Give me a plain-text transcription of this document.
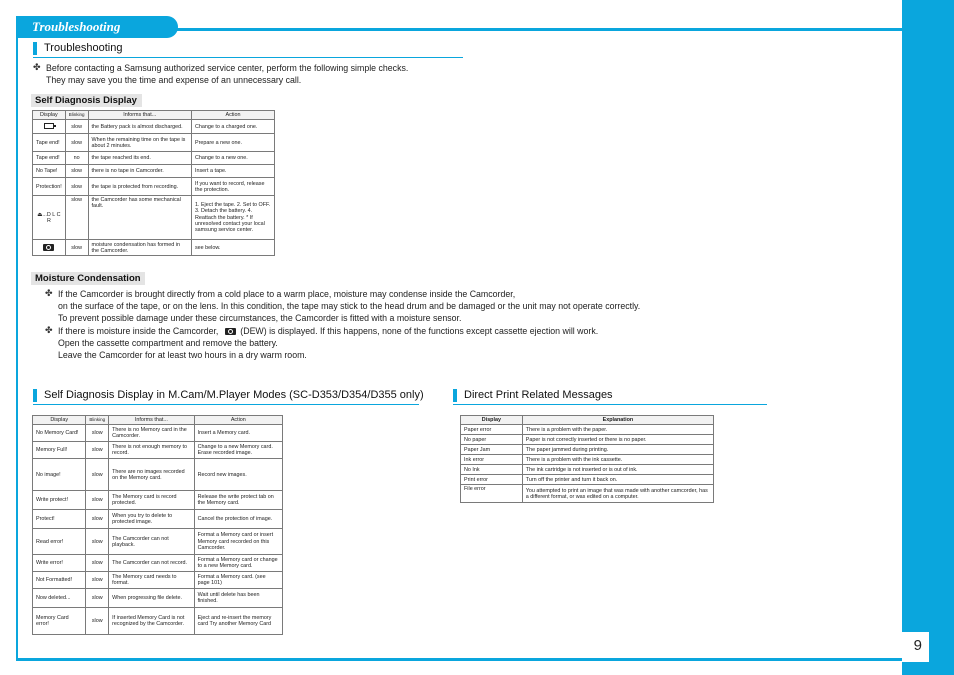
9
Troubleshooting
Troubleshooting
✤ Before contacting a Samsung authorized service center, perform the following simple checks.
They may save you the time and expense of an unnecessary call.
Self Diagnosis Display
Display	Blinking	Informs that...	Action
	slow	the Battery pack is almost discharged.	Change to a charged one.
Tape end!	slow	When the remaining time on the tape is about 2 minutes.	Prepare a new one.
Tape end!	no	the tape reached its end.	Change to a new one.
No Tape!	slow	there is no tape in Camcorder.	Insert a tape.
Protection!	slow	the tape is protected from recording.	If you want to record, release the protection.
⏏...D L C R	slow	the Camcorder has some mechanical fault.	1. Eject the tape. 2. Set to OFF. 3. Detach the battery. 4. Reattach the battery. * If unresolved contact your local samsung service center.
	slow	moisture condensation has formed in the Camcorder.	see below.
Moisture Condensation
✤ If the Camcorder is brought directly from a cold place to a warm place, moisture may condense inside the Camcorder,
on the surface of the tape, or on the lens. In this condition, the tape may stick to the head drum and be damaged or the unit may not operate correctly.
To prevent possible damage under these circumstances, the Camcorder is fitted with a moisture sensor.
✤ If there is moisture inside the Camcorder, (DEW) is displayed. If this happens, none of the functions except cassette ejection will work.
Open the cassette compartment and remove the battery.
Leave the Camcorder for at least two hours in a dry warm room.
Self Diagnosis Display in M.Cam/M.Player Modes (SC-D353/D354/D355 only)
Display	Blinking	Informs that...	Action
No Memory Card!	slow	There is no Memory card in the Camcorder.	Insert a Memory card.
Memory Full!	slow	There is not enough memory to record.	Change to a new Memory card. Erase recorded image.
No image!	slow	There are no images recorded on the Memory card.	Record new images.
Write protect!	slow	The Memory card is record protected.	Release the write protect tab on the Memory card.
Protect!	slow	When you try to delete to protected image.	Cancel the protection of image.
Read error!	slow	The Camcorder can not playback.	Format a Memory card or insert Memory card recorded on this Camcorder.
Write error!	slow	The Camcorder can not record.	Format a Memory card or change to a new Memory card.
Not Formatted!	slow	The Memory card needs to format.	Format a Memory card. (see page 101)
Now deleted...	slow	When progressing file delete.	Wait until delete has been finished.
Memory Card error!	slow	If inserted Memory Card is not recognized by the Camcorder.	Eject and re-insert the memory card Try another Memory Card
Direct Print Related Messages
Display	Explanation
Paper error	There is a problem with the paper.
No paper	Paper is not correctly inserted or there is no paper.
Paper Jam	The paper jammed during printing.
Ink error	There is a problem with the ink cassette.
No Ink	The ink cartridge is not inserted or is out of ink.
Print error	Turn off the printer and turn it back on.
File error	You attempted to print an image that was made with another camcorder, has a different format, or was edited on a computer.
